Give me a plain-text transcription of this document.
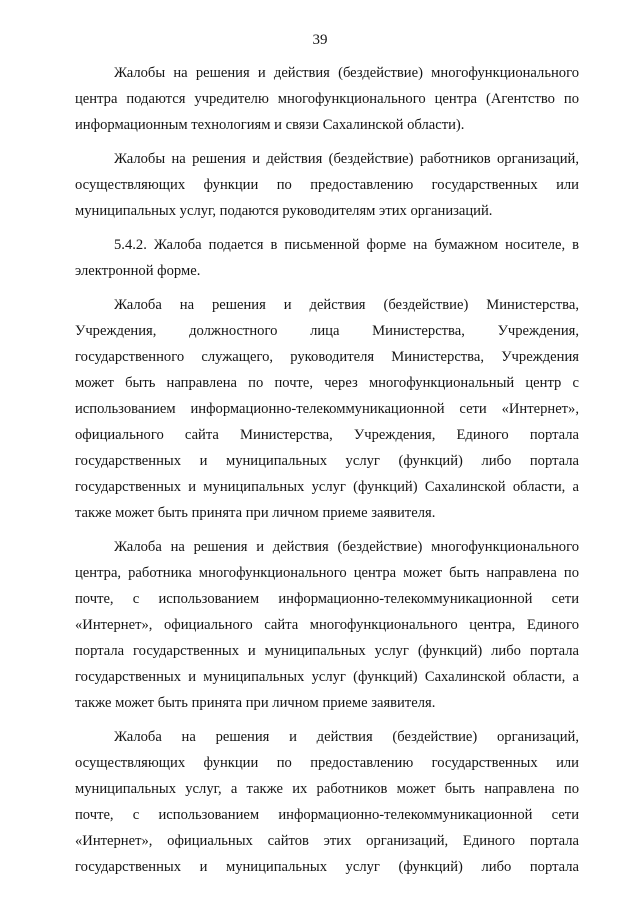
39
Жалобы на решения и действия (бездействие) многофункционального
центра подаются учредителю многофункционального центра (Агентство по
информационным технологиям и связи Сахалинской области).
Жалобы на решения и действия (бездействие) работников организаций,
осуществляющих функции по предоставлению государственных или
муниципальных услуг, подаются руководителям этих организаций.
5.4.2. Жалоба подается в письменной форме на бумажном носителе, в
электронной форме.
Жалоба на решения и действия (бездействие) Министерства,
Учреждения, должностного лица Министерства, Учреждения,
государственного служащего, руководителя Министерства, Учреждения
может быть направлена по почте, через многофункциональный центр с
использованием информационно-телекоммуникационной сети «Интернет»,
официального сайта Министерства, Учреждения, Единого портала
государственных и муниципальных услуг (функций) либо портала
государственных и муниципальных услуг (функций) Сахалинской области, а
также может быть принята при личном приеме заявителя.
Жалоба на решения и действия (бездействие) многофункционального
центра, работника многофункционального центра может быть направлена по
почте, с использованием информационно-телекоммуникационной сети
«Интернет», официального сайта многофункционального центра, Единого
портала государственных и муниципальных услуг (функций) либо портала
государственных и муниципальных услуг (функций) Сахалинской области, а
также может быть принята при личном приеме заявителя.
Жалоба на решения и действия (бездействие) организаций,
осуществляющих функции по предоставлению государственных или
муниципальных услуг, а также их работников может быть направлена по
почте, с использованием информационно-телекоммуникационной сети
«Интернет», официальных сайтов этих организаций, Единого портала
государственных и муниципальных услуг (функций) либо портала
